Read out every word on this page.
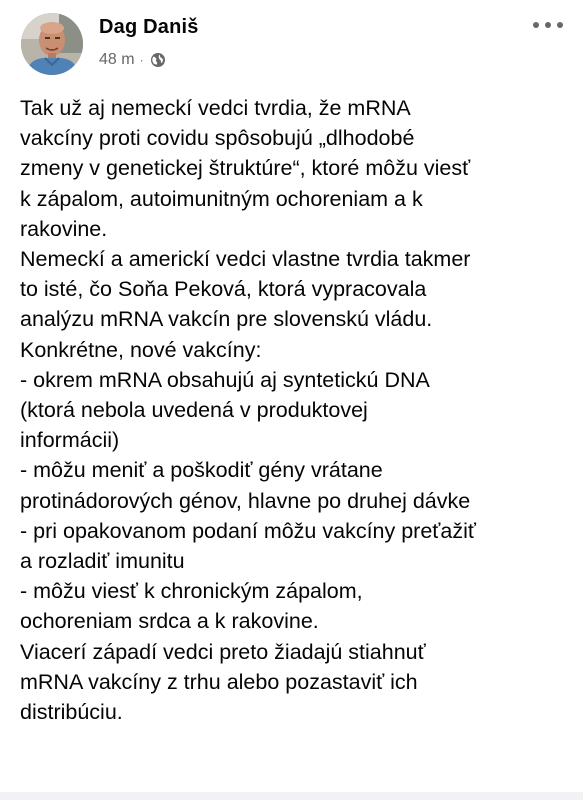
Dag Daniš
48 m ·
Tak už aj nemeckí vedci tvrdia, že mRNA
vakcíny proti covidu spôsobujú „dlhodobé
zmeny v genetickej štruktúre“, ktoré môžu viesť
k zápalom, autoimunitným ochoreniam a k
rakovine.
Nemeckí a americkí vedci vlastne tvrdia takmer
to isté, čo Soňa Peková, ktorá vypracovala
analýzu mRNA vakcín pre slovenskú vládu.
Konkrétne, nové vakcíny:
- okrem mRNA obsahujú aj syntetickú DNA
(ktorá nebola uvedená v produktovej
informácii)
- môžu meniť a poškodiť gény vrátane
protinádorových génov, hlavne po druhej dávke
- pri opakovanom podaní môžu vakcíny preťažiť
a rozladiť imunitu
- môžu viesť k chronickým zápalom,
ochoreniam srdca a k rakovine.
Viacerí západí vedci preto žiadajú stiahnuť
mRNA vakcíny z trhu alebo pozastaviť ich
distribúciu.
